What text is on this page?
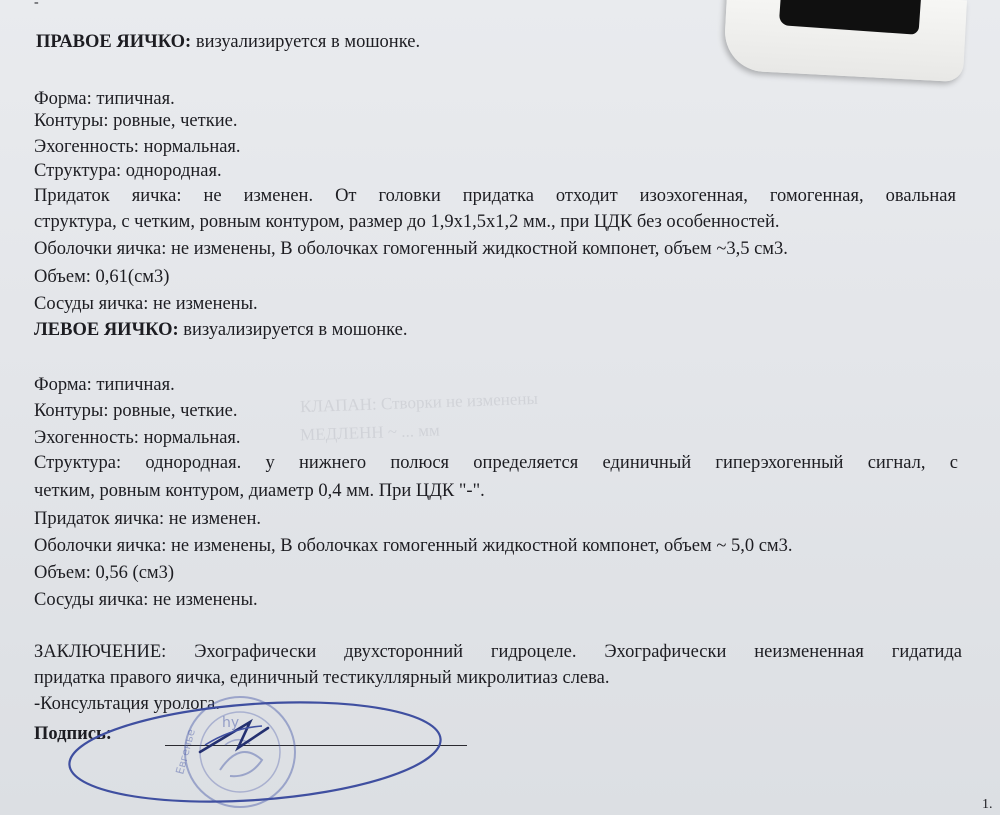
КЛАПАН: Створки не изменены
МЕДЛЕНН ~ ... мм
-
ПРАВОЕ ЯИЧКО: визуализируется в мошонке.
Форма: типичная.
Контуры: ровные, четкие.
Эхогенность: нормальная.
Структура: однородная.
Придаток яичка: не изменен. От головки придатка отходит изоэхогенная, гомогенная, овальная
структура, с четким, ровным контуром, размер до 1,9х1,5х1,2 мм., при ЦДК без особенностей.
Оболочки яичка: не изменены, В оболочках гомогенный жидкостной компонет, объем ~3,5 см3.
Объем: 0,61(см3)
Сосуды яичка: не изменены.
ЛЕВОЕ ЯИЧКО: визуализируется в мошонке.
Форма: типичная.
Контуры: ровные, четкие.
Эхогенность: нормальная.
Структура: однородная. у нижнего полюся определяется единичный гиперэхогенный сигнал, с
четким, ровным контуром, диаметр 0,4 мм. При ЦДК "-".
Придаток яичка: не изменен.
Оболочки яичка: не изменены, В оболочках гомогенный жидкостной компонет, объем ~ 5,0 см3.
Объем: 0,56 (см3)
Сосуды яичка: не изменены.
ЗАКЛЮЧЕНИЕ: Эхографически двухсторонний гидроцеле. Эхографически неизмененная гидатида
придатка правого яичка, единичный тестикуллярный микролитиаз слева.
-Консультация уролога.
Подпись:
1.
Евгенье
hy
